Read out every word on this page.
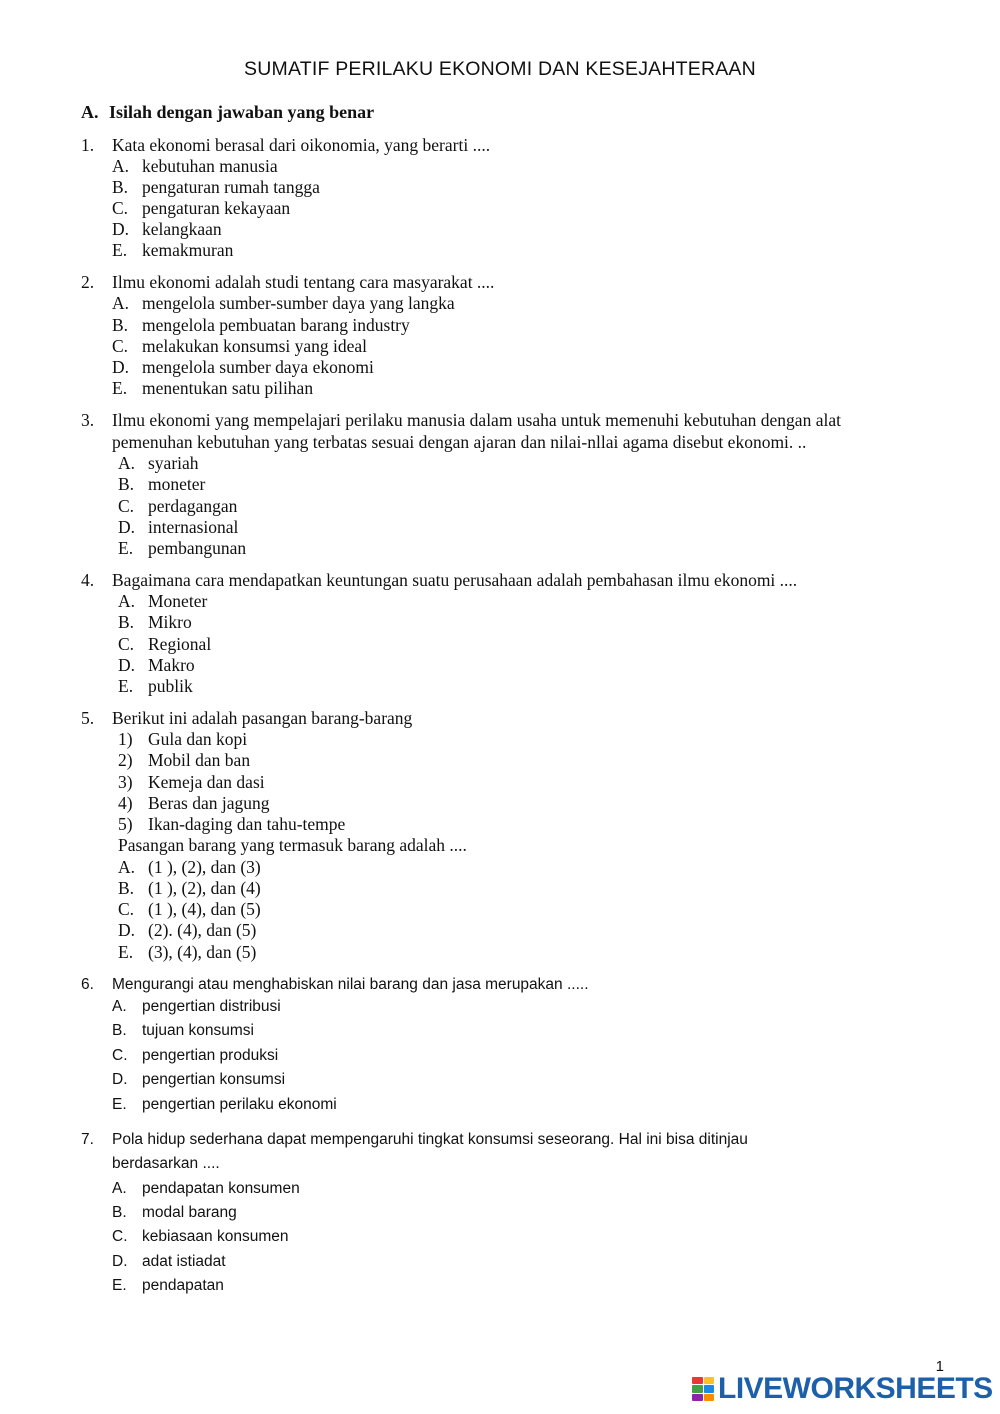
SUMATIF PERILAKU EKONOMI DAN KESEJAHTERAAN
A. Isilah dengan jawaban yang benar
1. Kata ekonomi berasal dari oikonomia, yang berarti ....
A. kebutuhan manusia
B. pengaturan rumah tangga
C. pengaturan kekayaan
D. kelangkaan
E. kemakmuran
2. Ilmu ekonomi adalah studi tentang cara masyarakat ....
A. mengelola sumber-sumber daya yang langka
B. mengelola pembuatan barang industry
C. melakukan konsumsi yang ideal
D. mengelola sumber daya ekonomi
E. menentukan satu pilihan
3. Ilmu ekonomi yang mempelajari perilaku manusia dalam usaha untuk memenuhi kebutuhan dengan alat
pemenuhan kebutuhan yang terbatas sesuai dengan ajaran dan nilai-nllai agama disebut ekonomi. ..
A. syariah
B. moneter
C. perdagangan
D. internasional
E. pembangunan
4. Bagaimana cara mendapatkan keuntungan suatu perusahaan adalah pembahasan ilmu ekonomi ....
A. Moneter
B. Mikro
C. Regional
D. Makro
E. publik
5. Berikut ini adalah pasangan barang-barang
1) Gula dan kopi
2) Mobil dan ban
3) Kemeja dan dasi
4) Beras dan jagung
5) Ikan-daging dan tahu-tempe
Pasangan barang yang termasuk barang adalah ....
A. (1 ), (2), dan (3)
B. (1 ), (2), dan (4)
C. (1 ), (4), dan (5)
D. (2). (4), dan (5)
E. (3), (4), dan (5)
6. Mengurangi atau menghabiskan nilai barang dan jasa merupakan .....
A. pengertian distribusi
B. tujuan konsumsi
C. pengertian produksi
D. pengertian konsumsi
E. pengertian perilaku ekonomi
7. Pola hidup sederhana dapat mempengaruhi tingkat konsumsi seseorang. Hal ini bisa ditinjau
berdasarkan ....
A. pendapatan konsumen
B. modal barang
C. kebiasaan konsumen
D. adat istiadat
E. pendapatan
1
LIVEWORKSHEETS
